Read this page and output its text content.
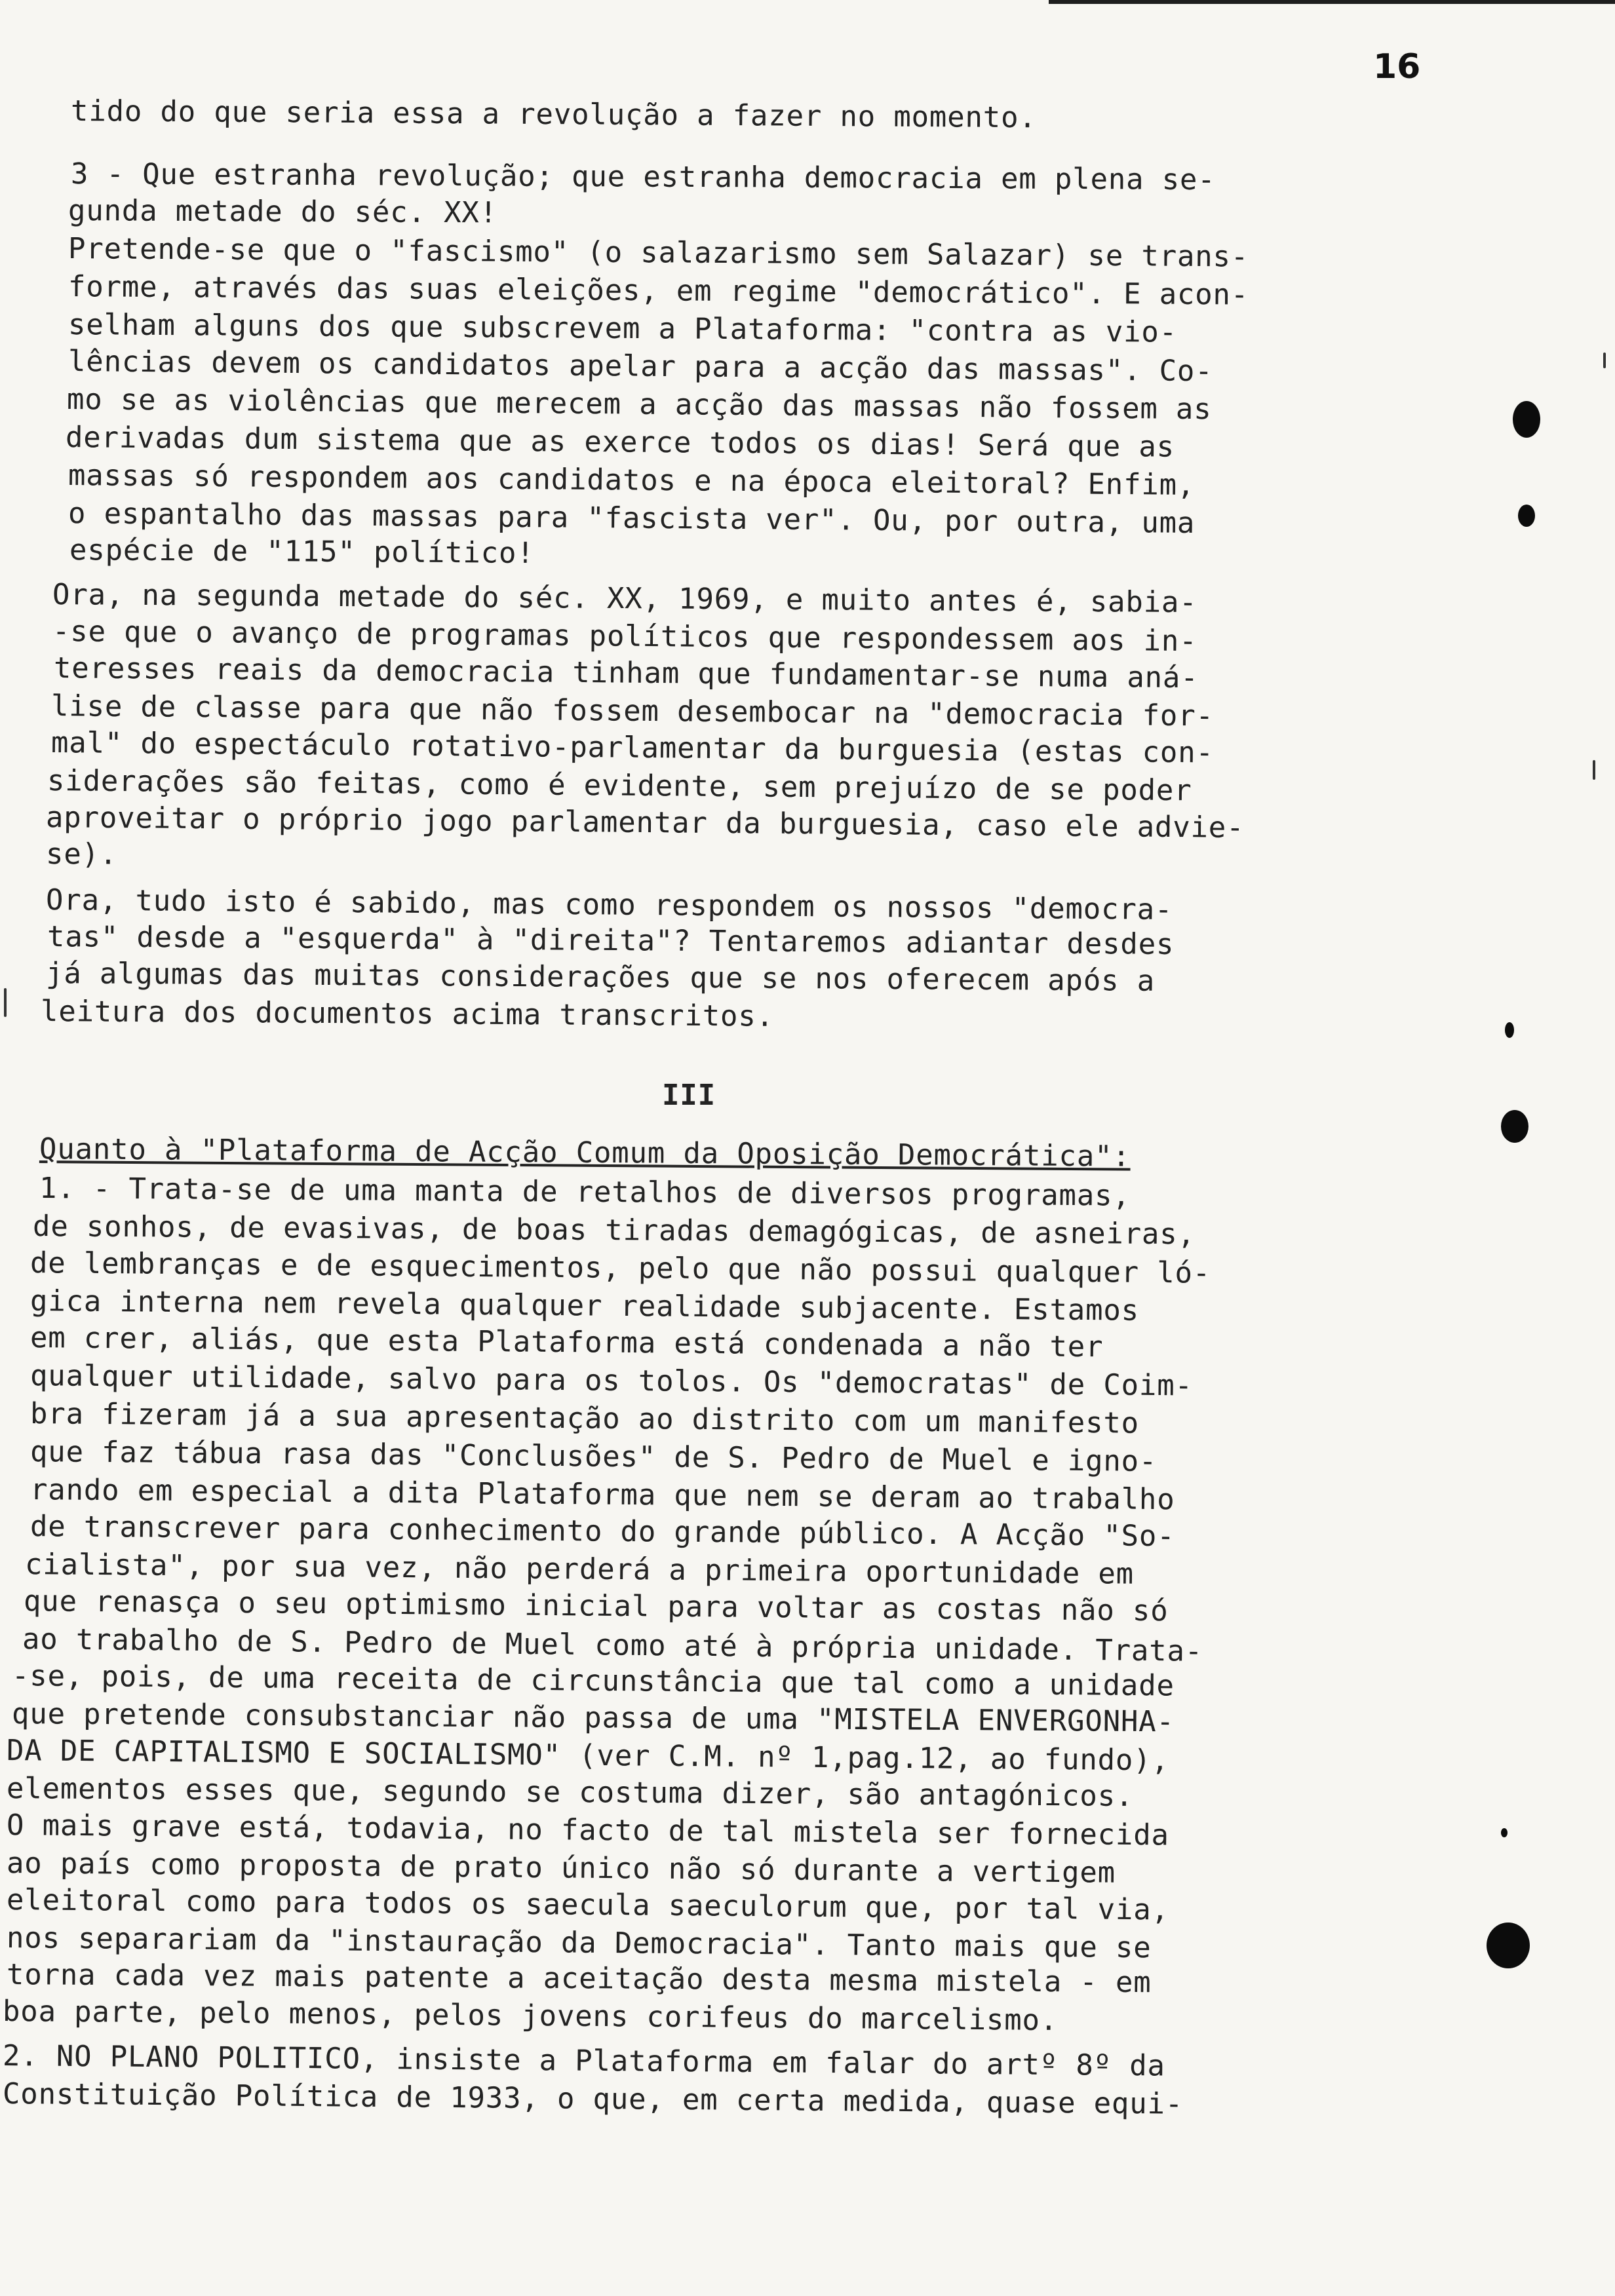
16
tido do que seria essa a revolução a fazer no momento.
3 - Que estranha revolução; que estranha democracia em plena se-
gunda metade do séc. XX!
Pretende-se que o "fascismo" (o salazarismo sem Salazar) se trans-
forme, através das suas eleições, em regime "democrático". E acon-
selham alguns dos que subscrevem a Plataforma: "contra as vio-
lências devem os candidatos apelar para a acção das massas". Co-
mo se as violências que merecem a acção das massas não fossem as
derivadas dum sistema que as exerce todos os dias! Será que as
massas só respondem aos candidatos e na época eleitoral? Enfim,
o espantalho das massas para "fascista ver". Ou, por outra, uma
espécie de "115" político!
Ora, na segunda metade do séc. XX, 1969, e muito antes é, sabia-
-se que o avanço de programas políticos que respondessem aos in-
teresses reais da democracia tinham que fundamentar-se numa aná-
lise de classe para que não fossem desembocar na "democracia for-
mal" do espectáculo rotativo-parlamentar da burguesia (estas con-
siderações são feitas, como é evidente, sem prejuízo de se poder
aproveitar o próprio jogo parlamentar da burguesia, caso ele advie-
se).
Ora, tudo isto é sabido, mas como respondem os nossos "democra-
tas" desde a "esquerda" à "direita"? Tentaremos adiantar desdes
já algumas das muitas considerações que se nos oferecem após a
leitura dos documentos acima transcritos.
III
Quanto à "Plataforma de Acção Comum da Oposição Democrática":
1. - Trata-se de uma manta de retalhos de diversos programas,
de sonhos, de evasivas, de boas tiradas demagógicas, de asneiras,
de lembranças e de esquecimentos, pelo que não possui qualquer ló-
gica interna nem revela qualquer realidade subjacente. Estamos
em crer, aliás, que esta Plataforma está condenada a não ter
qualquer utilidade, salvo para os tolos. Os "democratas" de Coim-
bra fizeram já a sua apresentação ao distrito com um manifesto
que faz tábua rasa das "Conclusões" de S. Pedro de Muel e igno-
rando em especial a dita Plataforma que nem se deram ao trabalho
de transcrever para conhecimento do grande público. A Acção "So-
cialista", por sua vez, não perderá a primeira oportunidade em
que renasça o seu optimismo inicial para voltar as costas não só
ao trabalho de S. Pedro de Muel como até à própria unidade. Trata-
-se, pois, de uma receita de circunstância que tal como a unidade
que pretende consubstanciar não passa de uma "MISTELA ENVERGONHA-
DA DE CAPITALISMO E SOCIALISMO" (ver C.M. nº 1,pag.12, ao fundo),
elementos esses que, segundo se costuma dizer, são antagónicos.
O mais grave está, todavia, no facto de tal mistela ser fornecida
ao país como proposta de prato único não só durante a vertigem
eleitoral como para todos os saecula saeculorum que, por tal via,
nos separariam da "instauração da Democracia". Tanto mais que se
torna cada vez mais patente a aceitação desta mesma mistela - em
boa parte, pelo menos, pelos jovens corifeus do marcelismo.
2. NO PLANO POLITICO, insiste a Plataforma em falar do artº 8º da
Constituição Política de 1933, o que, em certa medida, quase equi-
